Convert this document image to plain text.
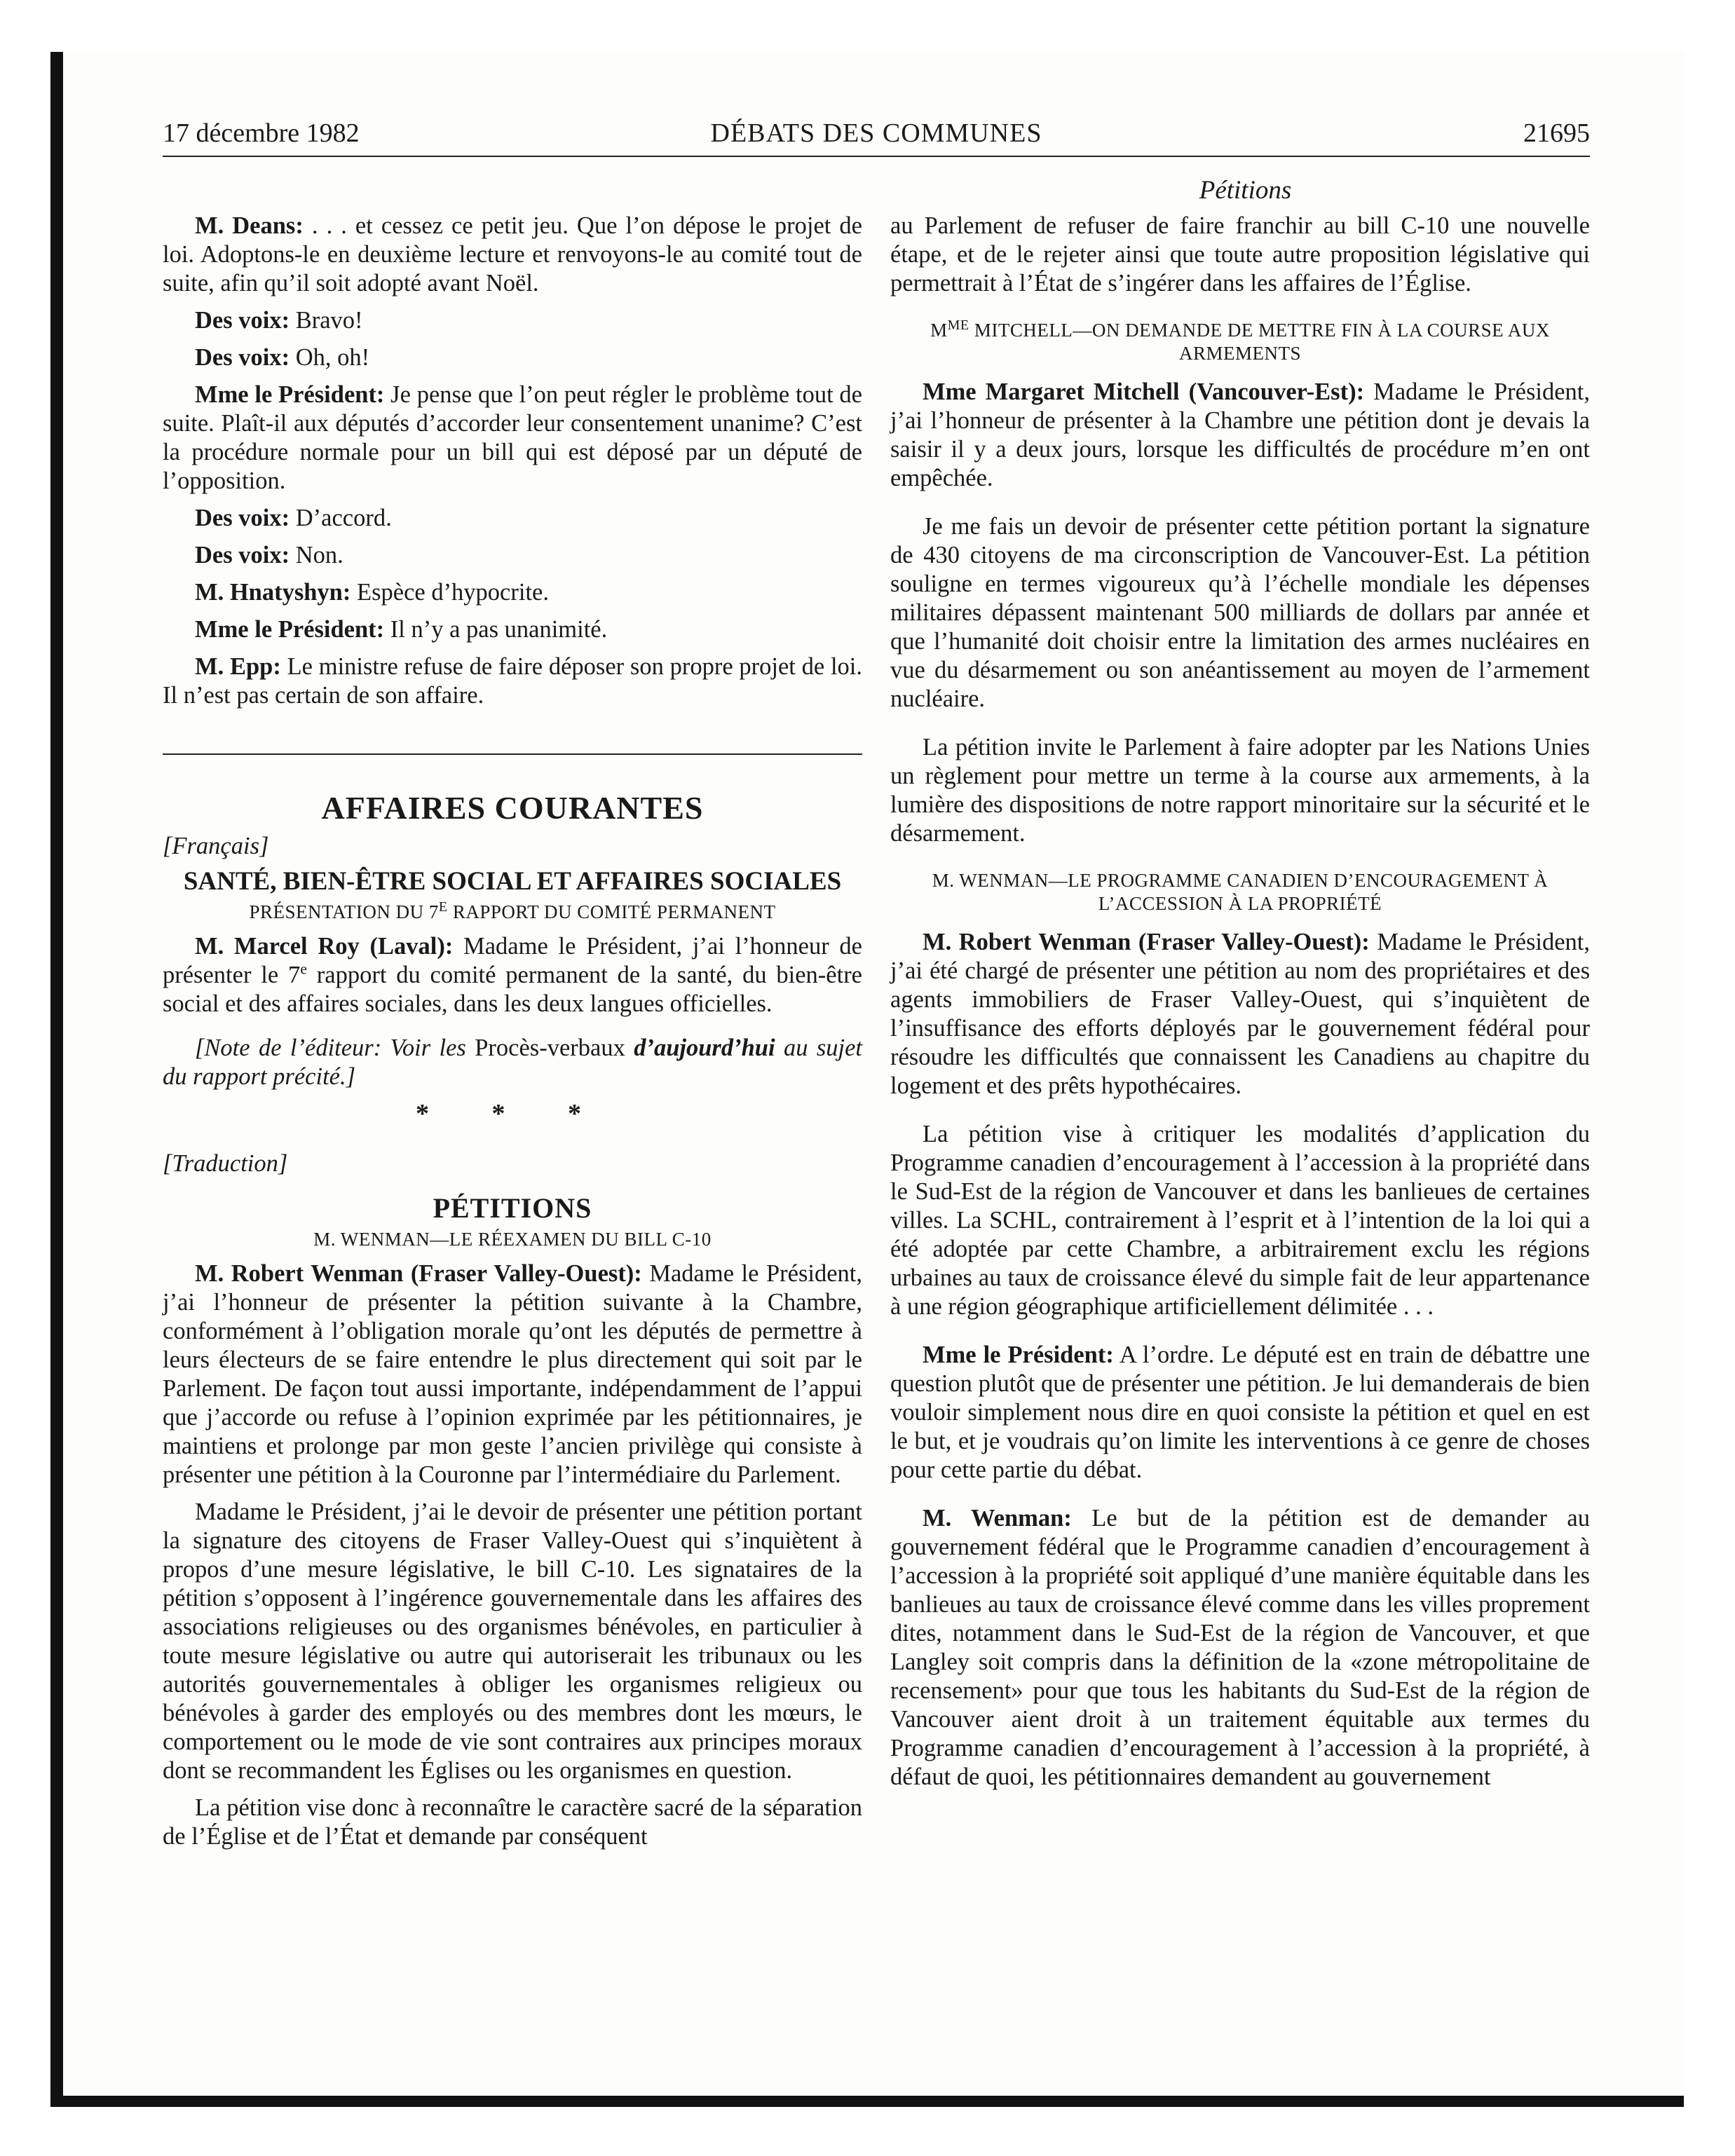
17 décembre 1982	DÉBATS DES COMMUNES	21695
Pétitions

M. Deans: . . . et cessez ce petit jeu. Que l’on dépose le projet de loi. Adoptons-le en deuxième lecture et renvoyons-le au comité tout de suite, afin qu’il soit adopté avant Noël.

Des voix: Bravo!

Des voix: Oh, oh!

Mme le Président: Je pense que l’on peut régler le problème tout de suite. Plaît-il aux députés d’accorder leur consentement unanime? C’est la procédure normale pour un bill qui est déposé par un député de l’opposition.

Des voix: D’accord.

Des voix: Non.

M. Hnatyshyn: Espèce d’hypocrite.

Mme le Président: Il n’y a pas unanimité.

M. Epp: Le ministre refuse de faire déposer son propre projet de loi. Il n’est pas certain de son affaire.

AFFAIRES COURANTES

[Français]

SANTÉ, BIEN-ÊTRE SOCIAL ET AFFAIRES SOCIALES
PRÉSENTATION DU $7^E$ RAPPORT DU COMITÉ PERMANENT

M. Marcel Roy (Laval): Madame le Président, j’ai l’honneur de présenter le 7e rapport du comité permanent de la santé, du bien-être social et des affaires sociales, dans les deux langues officielles.

[Note de l’éditeur: Voir les Procès-verbaux d’aujourd’hui au sujet du rapport précité.]

* * *

[Traduction]

PÉTITIONS
M. WENMAN—LE RÉEXAMEN DU BILL C-10

M. Robert Wenman (Fraser Valley-Ouest): Madame le Président, j’ai l’honneur de présenter la pétition suivante à la Chambre, conformément à l’obligation morale qu’ont les députés de permettre à leurs électeurs de se faire entendre le plus directement qui soit par le Parlement. De façon tout aussi importante, indépendamment de l’appui que j’accorde ou refuse à l’opinion exprimée par les pétitionnaires, je maintiens et prolonge par mon geste l’ancien privilège qui consiste à présenter une pétition à la Couronne par l’intermédiaire du Parlement.

Madame le Président, j’ai le devoir de présenter une pétition portant la signature des citoyens de Fraser Valley-Ouest qui s’inquiètent à propos d’une mesure législative, le bill C-10. Les signataires de la pétition s’opposent à l’ingérence gouvernementale dans les affaires des associations religieuses ou des organismes bénévoles, en particulier à toute mesure législative ou autre qui autoriserait les tribunaux ou les autorités gouvernementales à obliger les organismes religieux ou bénévoles à garder des employés ou des membres dont les mœurs, le comportement ou le mode de vie sont contraires aux principes moraux dont se recommandent les Églises ou les organismes en question.

La pétition vise donc à reconnaître le caractère sacré de la séparation de l’Église et de l’État et demande par conséquent

au Parlement de refuser de faire franchir au bill C-10 une nouvelle étape, et de le rejeter ainsi que toute autre proposition législative qui permettrait à l’État de s’ingérer dans les affaires de l’Église.

$M^{ME}$ MITCHELL—ON DEMANDE DE METTRE FIN À LA COURSE AUX ARMEMENTS

Mme Margaret Mitchell (Vancouver-Est): Madame le Président, j’ai l’honneur de présenter à la Chambre une pétition dont je devais la saisir il y a deux jours, lorsque les difficultés de procédure m’en ont empêchée.

Je me fais un devoir de présenter cette pétition portant la signature de 430 citoyens de ma circonscription de Vancouver-Est. La pétition souligne en termes vigoureux qu’à l’échelle mondiale les dépenses militaires dépassent maintenant 500 milliards de dollars par année et que l’humanité doit choisir entre la limitation des armes nucléaires en vue du désarmement ou son anéantissement au moyen de l’armement nucléaire.

La pétition invite le Parlement à faire adopter par les Nations Unies un règlement pour mettre un terme à la course aux armements, à la lumière des dispositions de notre rapport minoritaire sur la sécurité et le désarmement.

M. WENMAN—LE PROGRAMME CANADIEN D’ENCOURAGEMENT À L’ACCESSION À LA PROPRIÉTÉ

M. Robert Wenman (Fraser Valley-Ouest): Madame le Président, j’ai été chargé de présenter une pétition au nom des propriétaires et des agents immobiliers de Fraser Valley-Ouest, qui s’inquiètent de l’insuffisance des efforts déployés par le gouvernement fédéral pour résoudre les difficultés que connaissent les Canadiens au chapitre du logement et des prêts hypothécaires.

La pétition vise à critiquer les modalités d’application du Programme canadien d’encouragement à l’accession à la propriété dans le Sud-Est de la région de Vancouver et dans les banlieues de certaines villes. La SCHL, contrairement à l’esprit et à l’intention de la loi qui a été adoptée par cette Chambre, a arbitrairement exclu les régions urbaines au taux de croissance élevé du simple fait de leur appartenance à une région géographique artificiellement délimitée . . .

Mme le Président: A l’ordre. Le député est en train de débattre une question plutôt que de présenter une pétition. Je lui demanderais de bien vouloir simplement nous dire en quoi consiste la pétition et quel en est le but, et je voudrais qu’on limite les interventions à ce genre de choses pour cette partie du débat.

M. Wenman: Le but de la pétition est de demander au gouvernement fédéral que le Programme canadien d’encouragement à l’accession à la propriété soit appliqué d’une manière équitable dans les banlieues au taux de croissance élevé comme dans les villes proprement dites, notamment dans le Sud-Est de la région de Vancouver, et que Langley soit compris dans la définition de la «zone métropolitaine de recensement» pour que tous les habitants du Sud-Est de la région de Vancouver aient droit à un traitement équitable aux termes du Programme canadien d’encouragement à l’accession à la propriété, à défaut de quoi, les pétitionnaires demandent au gouvernement
